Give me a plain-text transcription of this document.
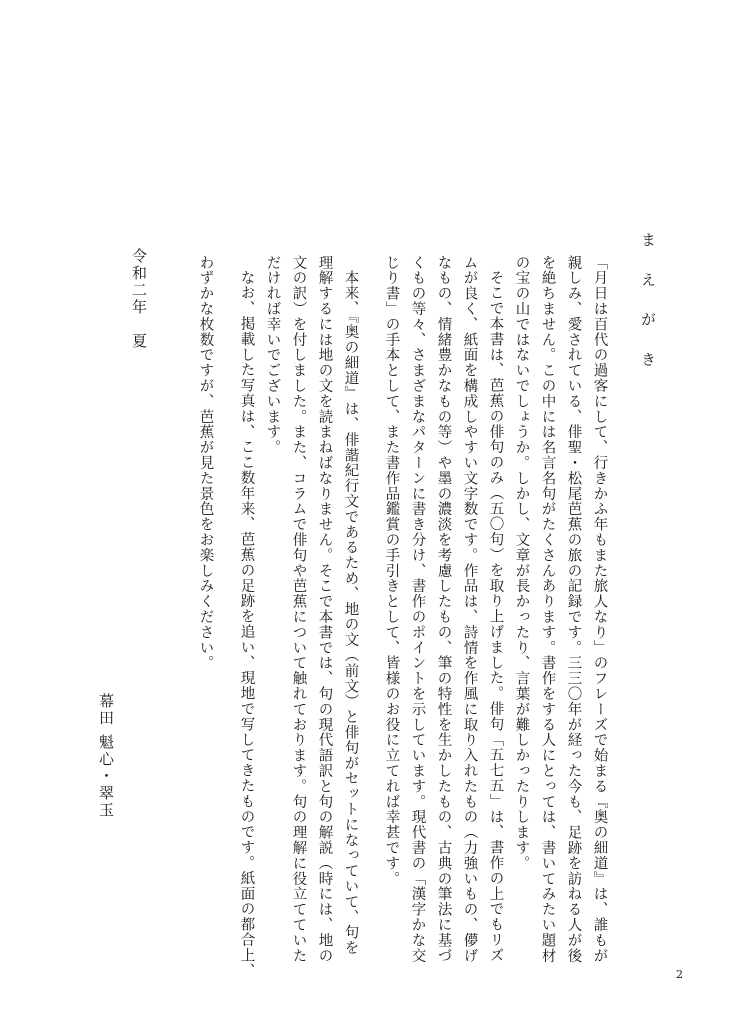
ま え が き
「月日は百代の過客にして、行きかふ年もまた旅人なり」のフレーズで始まる『奥の細道』は、誰もが
親しみ、愛されている、俳聖・松尾芭蕉の旅の記録です。三三〇年が経った今も、足跡を訪ねる人が後
を絶ちません。この中には名言名句がたくさんあります。書作をする人にとっては、書いてみたい題材
の宝の山ではないでしょうか。しかし、文章が長かったり、言葉が難しかったりします。
そこで本書は、芭蕉の俳句のみ（五〇句）を取り上げました。俳句「五七五」は、書作の上でもリズ
ムが良く、紙面を構成しやすい文字数です。作品は、詩情を作風に取り入れたもの（力強いもの、儚げ
なもの、情緒豊かなもの等）や墨の濃淡を考慮したもの、筆の特性を生かしたもの、古典の筆法に基づ
くもの等々、さまざまなパターンに書き分け、書作のポイントを示しています。現代書の「漢字かな交
じり書」の手本として、また書作品鑑賞の手引きとして、皆様のお役に立てれば幸甚です。
本来、『奥の細道』は、俳諧紀行文であるため、地の文（前文）と俳句がセットになっていて、句を
理解するには地の文を読まねばなりません。そこで本書では、句の現代語訳と句の解説（時には、地の
文の訳）を付しました。また、コラムで俳句や芭蕉について触れております。句の理解に役立てていた
だければ幸いでございます。
なお、掲載した写真は、ここ数年来、芭蕉の足跡を追い、現地で写してきたものです。紙面の都合上、
わずかな枚数ですが、芭蕉が見た景色をお楽しみください。
令和二年　夏
幕田 魁心・翠玉
2
